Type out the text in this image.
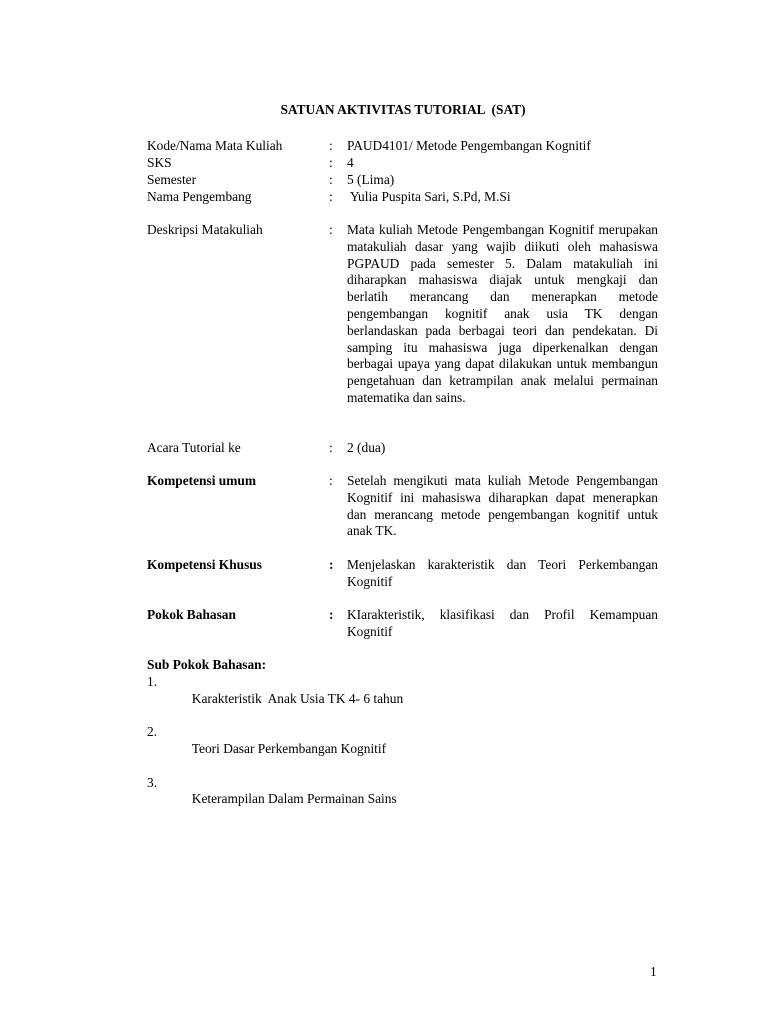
SATUAN AKTIVITAS TUTORIAL  (SAT)
Kode/Nama Mata Kuliah	:	PAUD4101/ Metode Pengembangan Kognitif
SKS	:	4
Semester	:	5 (Lima)
Nama Pengembang	:	Yulia Puspita Sari, S.Pd, M.Si
Deskripsi Matakuliah	:	Mata kuliah Metode Pengembangan Kognitif merupakan matakuliah dasar yang wajib diikuti oleh mahasiswa PGPAUD pada semester 5. Dalam matakuliah ini diharapkan mahasiswa diajak untuk mengkaji dan berlatih merancang dan menerapkan metode pengembangan kognitif anak usia TK dengan berlandaskan pada berbagai teori dan pendekatan. Di samping itu mahasiswa juga diperkenalkan dengan berbagai upaya yang dapat dilakukan untuk membangun pengetahuan dan ketrampilan anak melalui permainan matematika dan sains.
Acara Tutorial ke	:	2 (dua)
Kompetensi umum	:	Setelah mengikuti mata kuliah Metode Pengembangan Kognitif ini mahasiswa diharapkan dapat menerapkan dan merancang metode pengembangan kognitif untuk anak TK.
Kompetensi Khusus	:	Menjelaskan karakteristik dan Teori Perkembangan Kognitif
Pokok Bahasan	:	KIarakteristik, klasifikasi dan Profil Kemampuan Kognitif
Sub Pokok Bahasan:

1.
Karakteristik  Anak Usia TK 4- 6 tahun

2.
Teori Dasar Perkembangan Kognitif

3.
Keterampilan Dalam Permainan Sains

1
